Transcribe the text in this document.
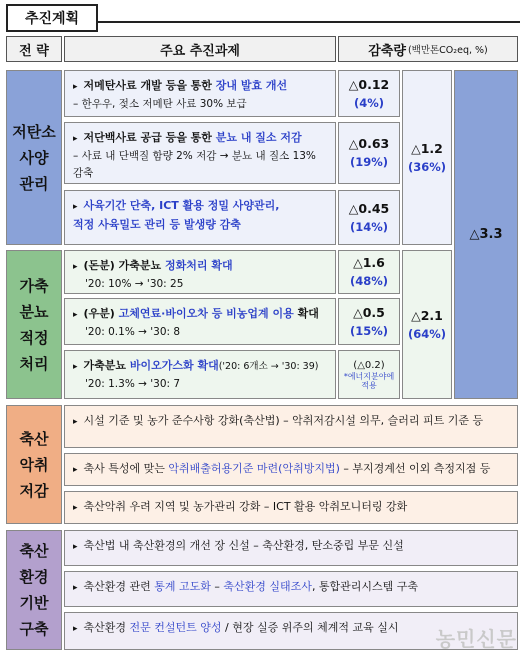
추진계획
전 략	주요 추진과제	감축량 (백만톤CO₂eq, %)
저탄소
사양
관리
가축
분뇨
적정
처리
축산
악취
저감
축산
환경
기반
구축
▸ 저메탄사료 개발 등을 통한 장내 발효 개선
– 한우우, 젖소 저메탄 사료 30% 보급
▸ 저단백사료 공급 등을 통한 분뇨 내 질소 저감
– 사료 내 단백질 함량 2% 저감 → 분뇨 내 질소 13% 감축
▸ 사육기간 단축, ICT 활용 정밀 사양관리,
적정 사육밀도 관리 등 발생량 감축
▸ (돈분) 가축분뇨 정화처리 확대
'20: 10% → '30: 25
▸ (우분) 고체연료·바이오차 등 비농업계 이용 확대
'20: 0.1% → '30: 8
▸ 가축분뇨 바이오가스화 확대('20: 6개소 → '30: 39)
'20: 1.3% → '30: 7
▸ 시설 기준 및 농가 준수사항 강화(축산법) – 악취저감시설 의무, 슬러리 피트 기준 등
▸ 축사 특성에 맞는 악취배출허용기준 마련(악취방지법) – 부지경계선 이외 측정지점 등
▸ 축산악취 우려 지역 및 농가관리 강화 – ICT 활용 악취모니터링 강화
▸ 축산법 내 축산환경의 개선 장 신설 – 축산환경, 탄소중립 부문 신설
▸ 축산환경 관련 통계 고도화 – 축산환경 실태조사, 통합관리시스템 구축
▸ 축산환경 전문 컨설턴트 양성 / 현장 실증 위주의 체계적 교육 실시
△0.12
(4%)
△0.63
(19%)
△0.45
(14%)
△1.6
(48%)
△0.5
(15%)
(△0.2)
*에너지분야에 적용
△1.2
(36%)
△2.1
(64%)
△3.3
농민신문
